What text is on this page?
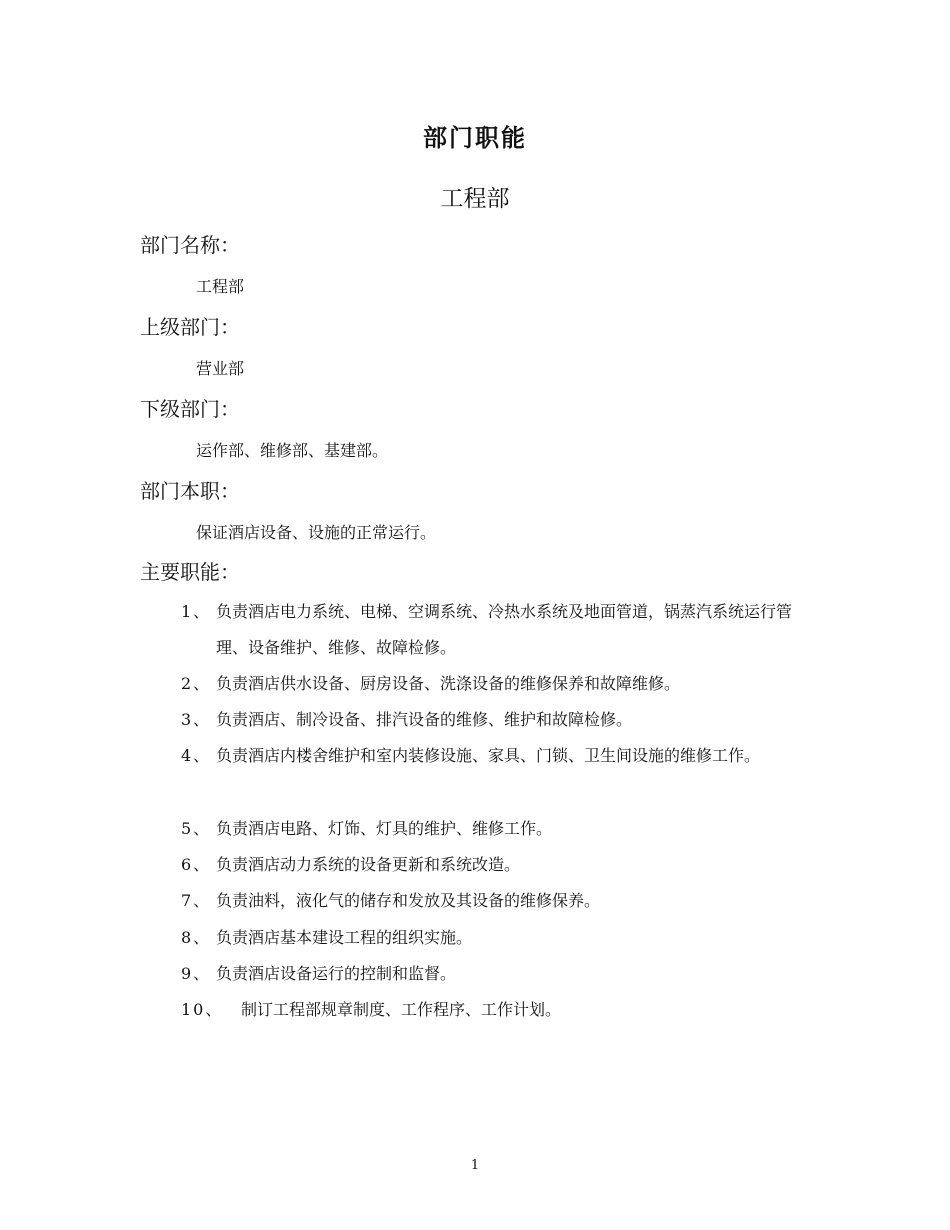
部门职能
工程部
部门名称：
工程部
上级部门：
营业部
下级部门：
运作部、维修部、基建部。
部门本职：
保证酒店设备、设施的正常运行。
主要职能：
1、 负责酒店电力系统、电梯、空调系统、冷热水系统及地面管道，锅蒸汽系统运行管理、设备维护、维修、故障检修。
2、 负责酒店供水设备、厨房设备、洗涤设备的维修保养和故障维修。
3、 负责酒店、制冷设备、排汽设备的维修、维护和故障检修。
4、 负责酒店内楼舍维护和室内装修设施、家具、门锁、卫生间设施的维修工作。
5、 负责酒店电路、灯饰、灯具的维护、维修工作。
6、 负责酒店动力系统的设备更新和系统改造。
7、 负责油料，液化气的储存和发放及其设备的维修保养。
8、 负责酒店基本建设工程的组织实施。
9、 负责酒店设备运行的控制和监督。
10、	制订工程部规章制度、工作程序、工作计划。
1
